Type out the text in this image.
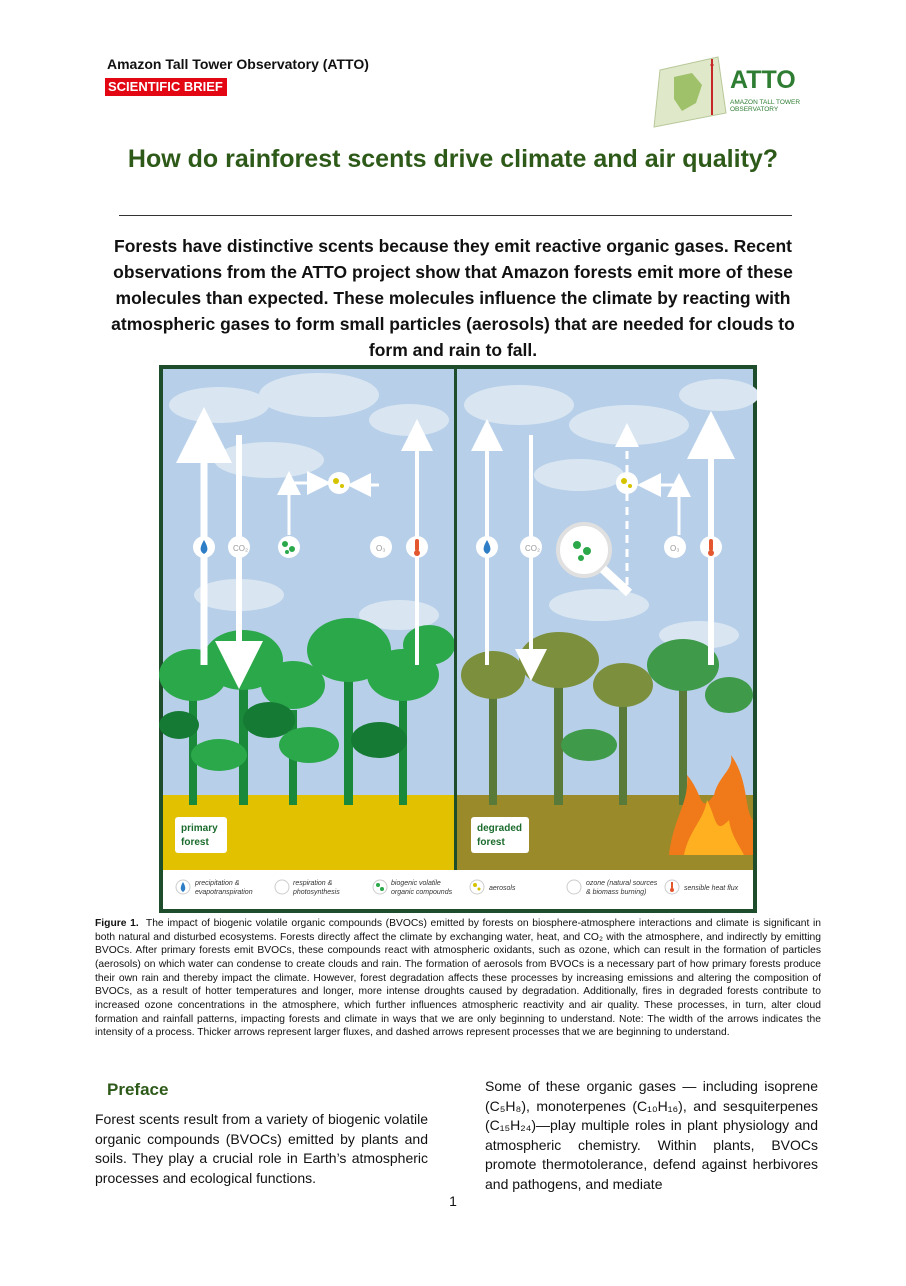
Amazon Tall Tower Observatory (ATTO)
SCIENTIFIC BRIEF	ATTO
AMAZON TALL TOWER OBSERVATORY
How do rainforest scents drive climate and air quality?
Forests have distinctive scents because they emit reactive organic gases. Recent observations from the ATTO project show that Amazon forests emit more of these molecules than expected. These molecules influence the climate by reacting with atmospheric gases to form small particles (aerosols) that are needed for clouds to form and rain to fall.
CO₂	O₃	CO₂	O₃
primary
forest
degraded
forest
precipitation &
evapotranspiration
respiration &
photosynthesis
biogenic volatile
organic compounds
aerosols
ozone (natural sources
& biomass burning)
sensible heat flux
Figure 1. The impact of biogenic volatile organic compounds (BVOCs) emitted by forests on biosphere-atmosphere interactions and climate is significant in both natural and disturbed ecosystems. Forests directly affect the climate by exchanging water, heat, and CO₂ with the atmosphere, and indirectly by emitting BVOCs. After primary forests emit BVOCs, these compounds react with atmospheric oxidants, such as ozone, which can result in the formation of particles (aerosols) on which water can condense to create clouds and rain. The formation of aerosols from BVOCs is a necessary part of how primary forests produce their own rain and thereby impact the climate. However, forest degradation affects these processes by increasing emissions and altering the composition of BVOCs, as a result of hotter temperatures and longer, more intense droughts caused by degradation. Additionally, fires in degraded forests contribute to increased ozone concentrations in the atmosphere, which further influences atmospheric reactivity and air quality. These processes, in turn, alter cloud formation and rainfall patterns, impacting forests and climate in ways that we are only beginning to understand. Note: The width of the arrows indicates the intensity of a process. Thicker arrows represent larger fluxes, and dashed arrows represent processes that we are beginning to understand.
Preface
Forest scents result from a variety of biogenic volatile organic compounds (BVOCs) emitted by plants and soils. They play a crucial role in Earth’s atmospheric processes and ecological functions.
Some of these organic gases — including isoprene (C₅H₈), monoterpenes (C₁₀H₁₆), and sesquiterpenes (C₁₅H₂₄)—play multiple roles in plant physiology and atmospheric chemistry. Within plants, BVOCs promote thermotolerance, defend against herbivores and pathogens, and mediate
1
